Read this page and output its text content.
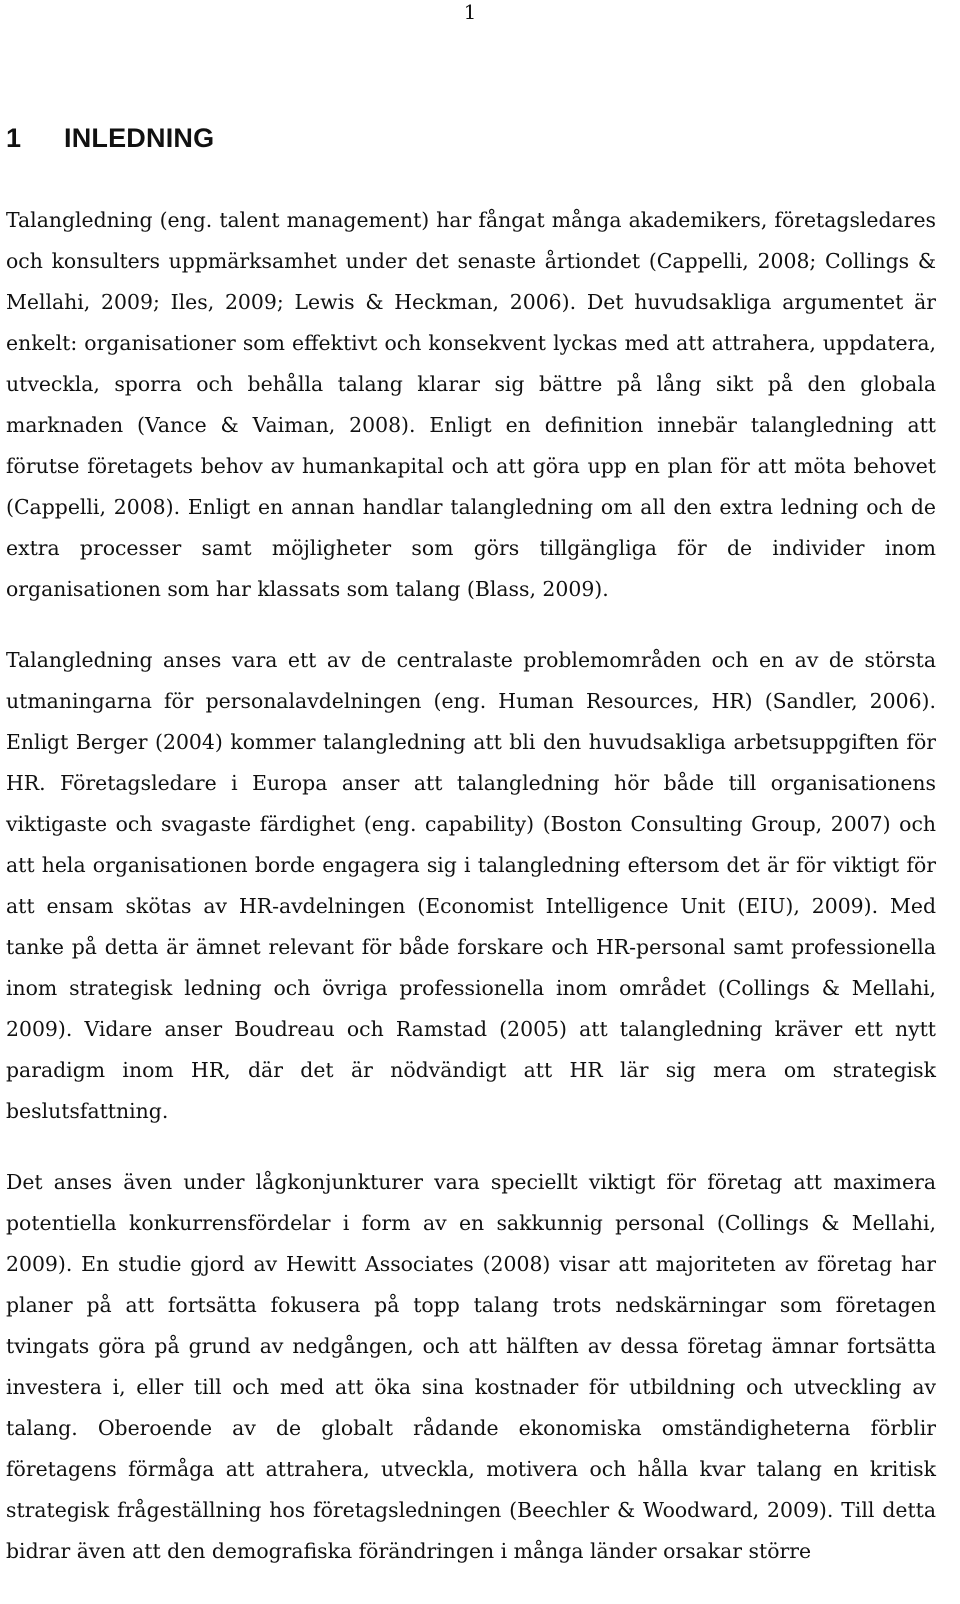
1
1 INLEDNING

Talangledning (eng. talent management) har fångat många akademikers, företagsledares och konsulters uppmärksamhet under det senaste årtiondet (Cappelli, 2008; Collings & Mellahi, 2009; Iles, 2009; Lewis & Heckman, 2006). Det huvudsakliga argumentet är enkelt: organisationer som effektivt och konsekvent lyckas med att attrahera, uppdatera, utveckla, sporra och behålla talang klarar sig bättre på lång sikt på den globala marknaden (Vance & Vaiman, 2008). Enligt en definition innebär talangledning att förutse företagets behov av humankapital och att göra upp en plan för att möta behovet (Cappelli, 2008). Enligt en annan handlar talangledning om all den extra ledning och de extra processer samt möjligheter som görs tillgängliga för de individer inom organisationen som har klassats som talang (Blass, 2009).

Talangledning anses vara ett av de centralaste problemområden och en av de största utmaningarna för personalavdelningen (eng. Human Resources, HR) (Sandler, 2006). Enligt Berger (2004) kommer talangledning att bli den huvudsakliga arbetsuppgiften för HR. Företagsledare i Europa anser att talangledning hör både till organisationens viktigaste och svagaste färdighet (eng. capability) (Boston Consulting Group, 2007) och att hela organisationen borde engagera sig i talangledning eftersom det är för viktigt för att ensam skötas av HR-avdelningen (Economist Intelligence Unit (EIU), 2009). Med tanke på detta är ämnet relevant för både forskare och HR-personal samt professionella inom strategisk ledning och övriga professionella inom området (Collings & Mellahi, 2009). Vidare anser Boudreau och Ramstad (2005) att talangledning kräver ett nytt paradigm inom HR, där det är nödvändigt att HR lär sig mera om strategisk beslutsfattning.

Det anses även under lågkonjunkturer vara speciellt viktigt för företag att maximera potentiella konkurrensfördelar i form av en sakkunnig personal (Collings & Mellahi, 2009). En studie gjord av Hewitt Associates (2008) visar att majoriteten av företag har planer på att fortsätta fokusera på topp talang trots nedskärningar som företagen tvingats göra på grund av nedgången, och att hälften av dessa företag ämnar fortsätta investera i, eller till och med att öka sina kostnader för utbildning och utveckling av talang. Oberoende av de globalt rådande ekonomiska omständigheterna förblir företagens förmåga att attrahera, utveckla, motivera och hålla kvar talang en kritisk strategisk frågeställning hos företagsledningen (Beechler & Woodward, 2009). Till detta bidrar även att den demografiska förändringen i många länder orsakar större
